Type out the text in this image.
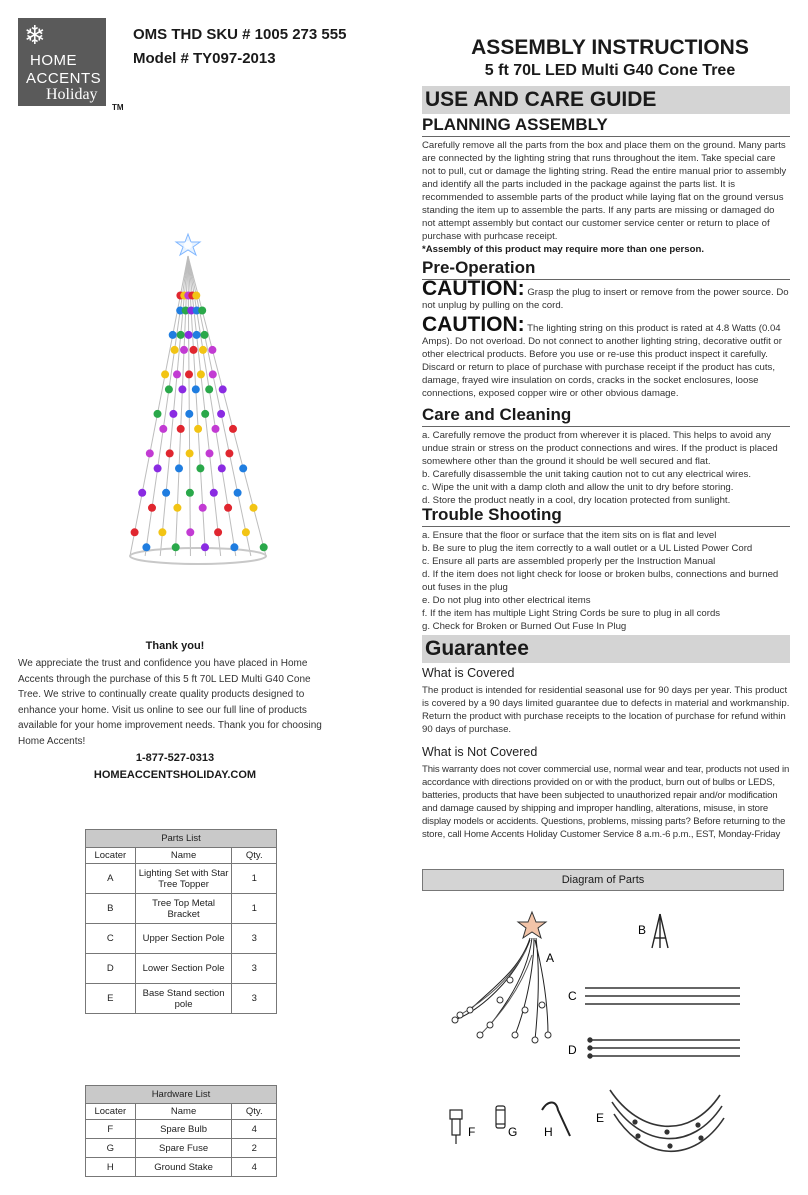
❄
HOME
ACCENTS
Holiday
TM
OMS THD SKU # 1005 273 555
Model # TY097-2013	ASSEMBLY INSTRUCTIONS
5 ft 70L LED Multi G40 Cone Tree
Thank you!
We appreciate the trust and confidence you have placed in Home Accents through the purchase of this 5 ft 70L LED Multi G40 Cone Tree. We strive to continually create quality products designed to enhance your home. Visit us online to see our full line of products available for your home improvement needs. Thank you for choosing Home Accents!
1-877-527-0313
HOMEACCENTSHOLIDAY.COM
Parts List		
Locater	Name	Qty.
A	Lighting Set with Star Tree Topper	1
B	Tree Top Metal Bracket	1
C	Upper Section Pole	3
D	Lower Section Pole	3
E	Base Stand section pole	3
Hardware List		
Locater	Name	Qty.
F	Spare Bulb	4
G	Spare Fuse	2
H	Ground Stake	4
USE AND CARE GUIDE
PLANNING ASSEMBLY
Carefully remove all the parts from the box and place them on the ground. Many parts are connected by the lighting string that runs throughout the item. Take special care not to pull, cut or damage the lighting string. Read the entire manual prior to assembly and identify all the parts included in the package against the parts list. It is recommended to assemble parts of the product while laying flat on the ground versus standing the item up to assemble the parts. If any parts are missing or damaged do not attempt assembly but contact our customer service center or return to place of purchase with purhcase receipt.
*Assembly of this product may require more than one person.
Pre-Operation
CAUTION: Grasp the plug to insert or remove from the power source. Do not unplug by pulling on the cord.
CAUTION: The lighting string on this product is rated at 4.8 Watts (0.04 Amps). Do not overload. Do not connect to another lighting string, decorative outfit or other electrical products. Before you use or re-use this product inspect it carefully. Discard or return to place of purchase with purchase receipt if the product has cuts, damage, frayed wire insulation on cords, cracks in the socket enclosures, loose connections, exposed copper wire or other obvious damage.
Care and Cleaning
a. Carefully remove the product from wherever it is placed. This helps to avoid any undue strain or stress on the product connections and wires. If the product is placed somewhere other than the ground it should be well secured and flat.
b. Carefully disassemble the unit taking caution not to cut any electrical wires.
c. Wipe the unit with a damp cloth and allow the unit to dry before storing.
d. Store the product neatly in a cool, dry location protected from sunlight.
Trouble Shooting
a. Ensure that the floor or surface that the item sits on is flat and level
b. Be sure to plug the item correctly to a wall outlet or a UL Listed Power Cord
c. Ensure all parts are assembled properly per the Instruction Manual
d. If the item does not light check for loose or broken bulbs, connections and burned out fuses in the plug
e. Do not plug into other electrical items
f. If the item has multiple Light String Cords be sure to plug in all cords
g. Check for Broken or Burned Out Fuse In Plug
Guarantee
What is Covered
The product is intended for residential seasonal use for 90 days per year. This product is covered by a 90 days limited guarantee due to defects in material and workmanship. Return the product with purchase receipts to the location of purchase for refund within 90 days of purchase.
What is Not Covered
This warranty does not cover commercial use, normal wear and tear, products not used in accordance with directions provided on or with the product, burn out of bulbs or LEDS, batteries, products that have been subjected to unauthorized repair and/or modification and damage caused by shipping and improper handling, alterations, misuse, in store display models or accidents. Questions, problems, missing parts? Before returning to the store, call Home Accents Holiday Customer Service 8 a.m.-6 p.m., EST, Monday-Friday
Diagram of Parts
A
B
C
D
E
F	G H
